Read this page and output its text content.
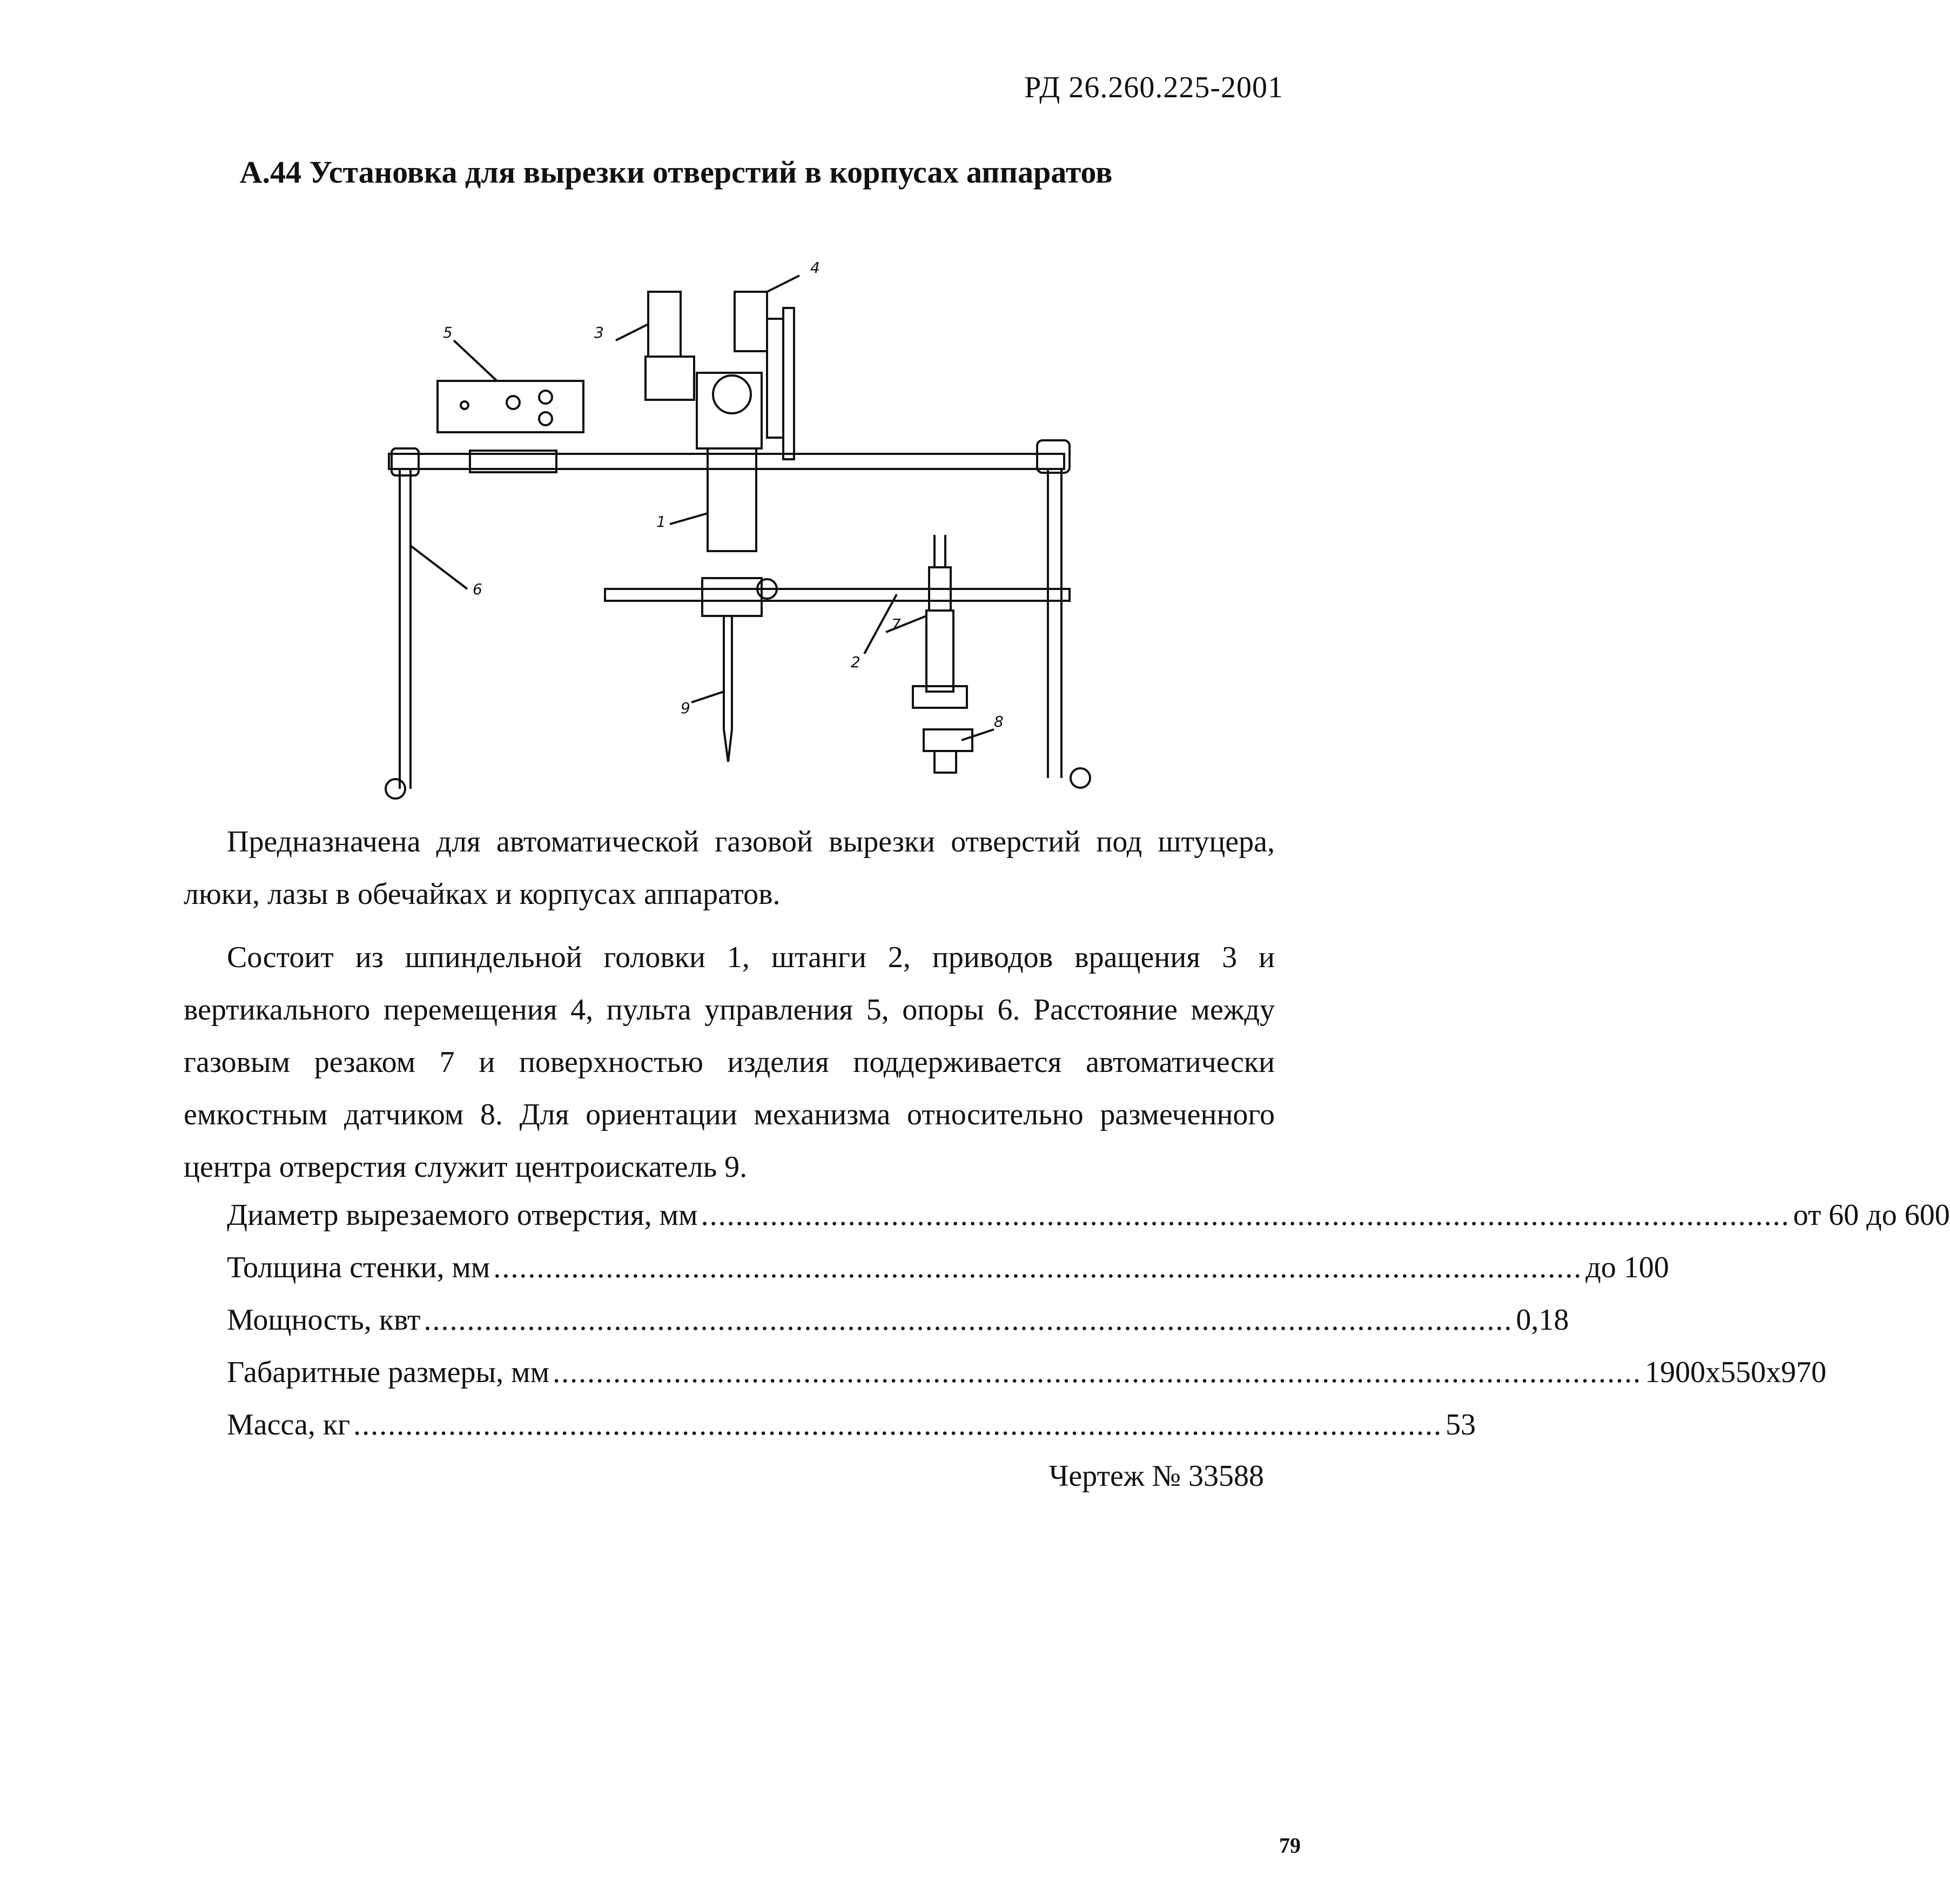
РД 26.260.225-2001
А.44 Установка для вырезки отверстий в корпусах аппаратов
4
3
5
1
6
7
2
8
9

Предназначена для автоматической газовой вырезки отверстий под штуцера, люки, лазы в обечайках и корпусах аппаратов.

Состоит из шпиндельной головки 1, штанги 2, приводов вращения 3 и вертикального перемещения 4, пульта управления 5, опоры 6. Расстояние между газовым резаком 7 и поверхностью изделия поддерживается автоматически емкостным датчиком 8. Для ориентации механизма относительно размеченного центра отверстия служит центроискатель 9.

Диаметр вырезаемого отверстия, мм .............................................................................................................................. от 60 до 600
Толщина стенки, мм .............................................................................................................................. до 100
Мощность, квт .............................................................................................................................. 0,18
Габаритные размеры, мм .............................................................................................................................. 1900x550x970
Масса, кг .............................................................................................................................. 53
Чертеж № 33588
79
